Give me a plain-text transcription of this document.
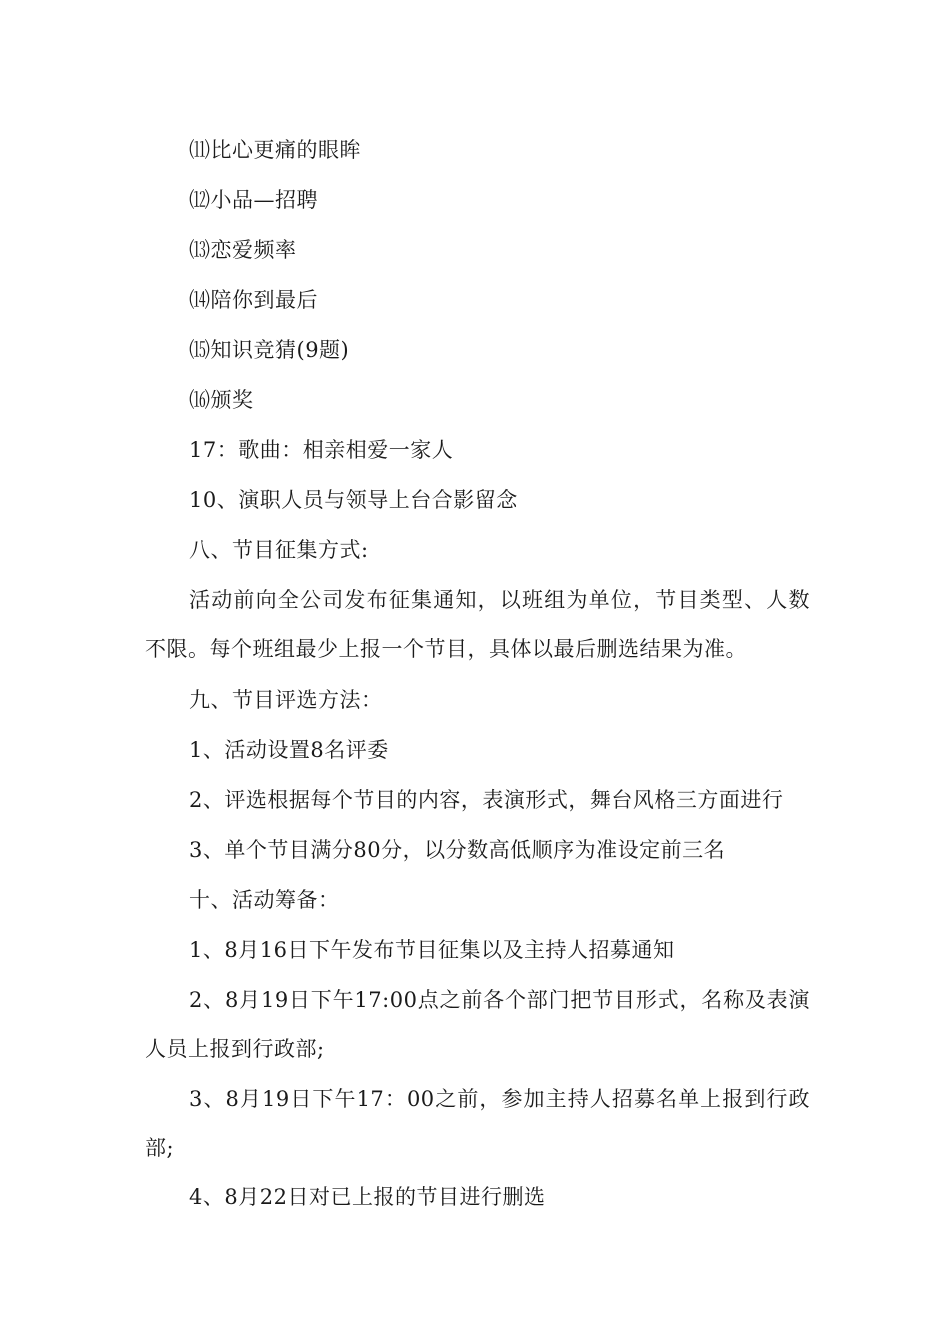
⑾比心更痛的眼眸

⑿小品—招聘

⒀恋爱频率

⒁陪你到最后

⒂知识竞猜(9题)

⒃颁奖

17：歌曲：相亲相爱一家人

10、演职人员与领导上台合影留念

八、节目征集方式:

活动前向全公司发布征集通知，以班组为单位，节目类型、人数不限。每个班组最少上报一个节目，具体以最后删选结果为准。

九、节目评选方法：

1、活动设置8名评委

2、评选根据每个节目的内容，表演形式，舞台风格三方面进行

3、单个节目满分80分，以分数高低顺序为准设定前三名

十、活动筹备：

1、8月16日下午发布节目征集以及主持人招募通知

2、8月19日下午17:00点之前各个部门把节目形式，名称及表演人员上报到行政部;

3、8月19日下午17：00之前，参加主持人招募名单上报到行政部;

4、8月22日对已上报的节目进行删选
